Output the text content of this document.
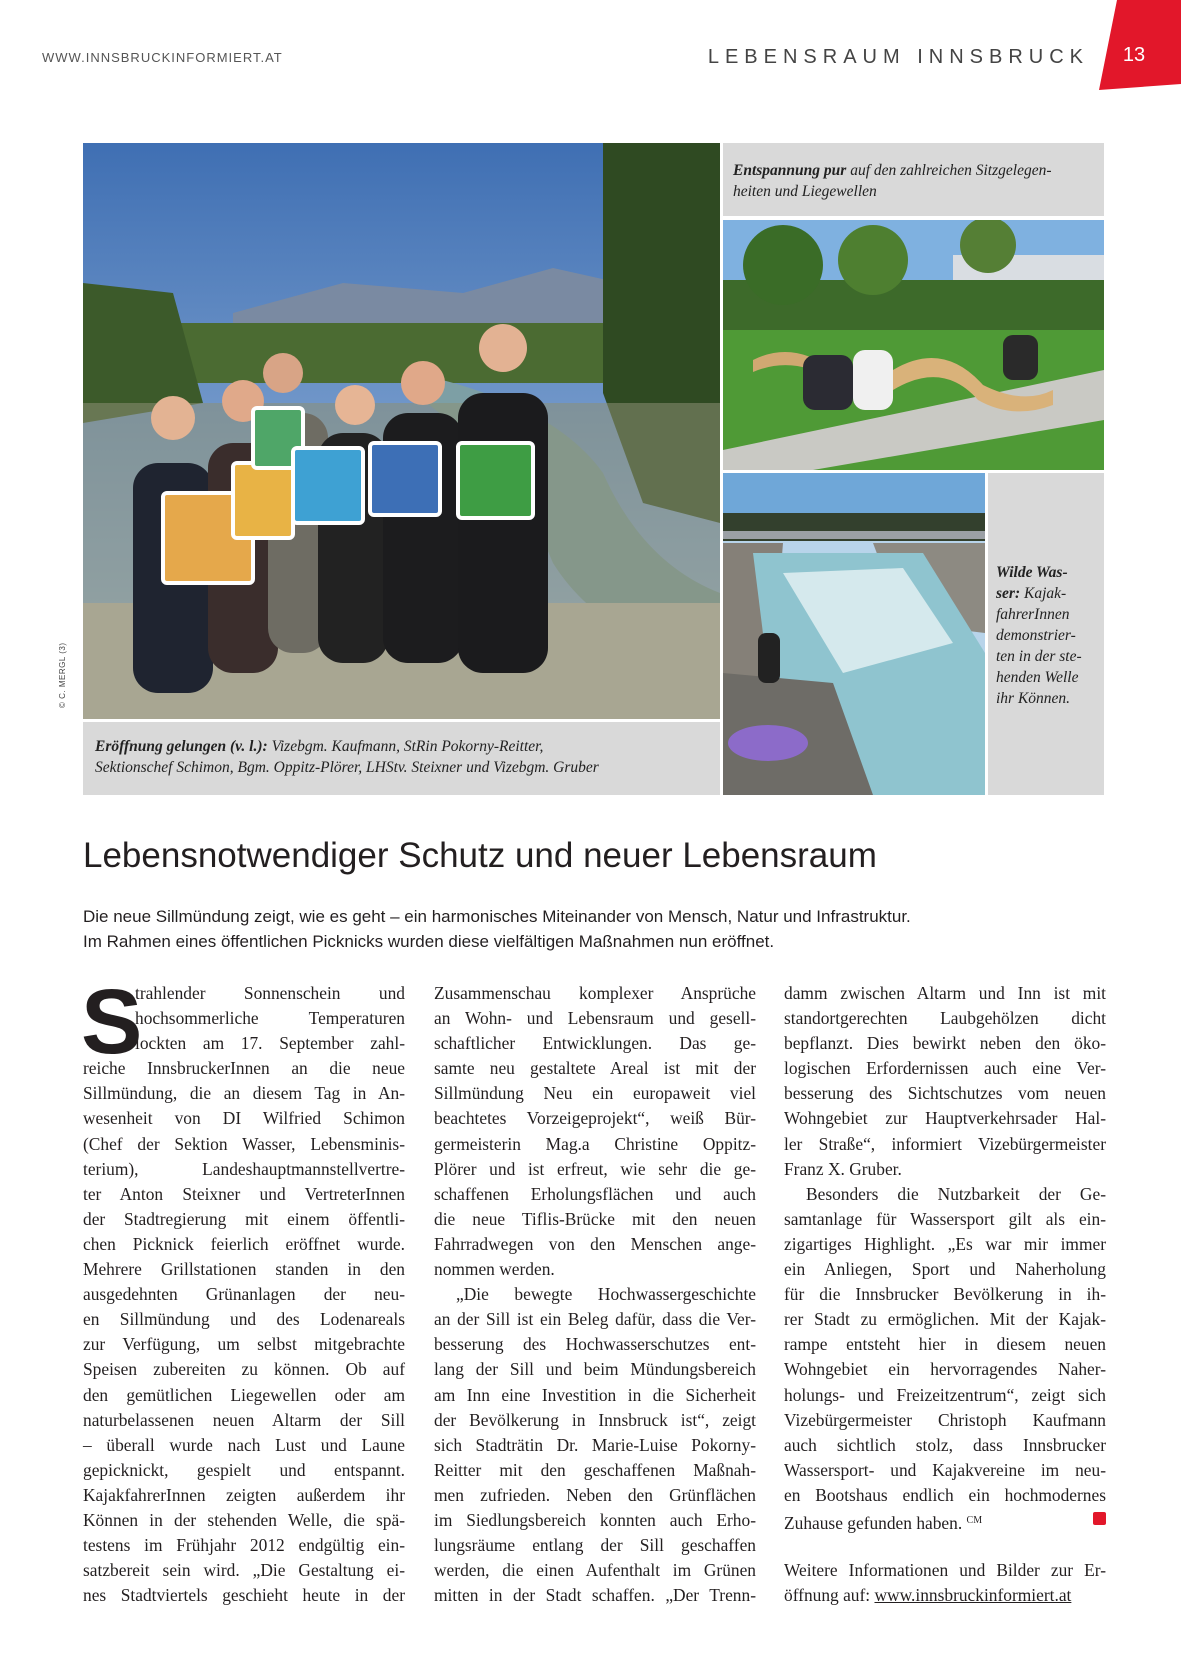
WWW.INNSBRUCKINFORMIERT.AT	LEBENSRAUM INNSBRUCK	13
© C. MERGL (3)
Eröffnung gelungen (v. l.): Vizebgm. Kaufmann, StRin Pokorny-Reitter,
Sektionschef Schimon, Bgm. Oppitz-Plörer, LHStv. Steixner und Vizebgm. Gruber
Entspannung pur auf den zahlreichen Sitzgelegen-
heiten und Liegewellen
Wilde Was-
ser: Kajak-
fahrerInnen
demonstrier-
ten in der ste-
henden Welle
ihr Können.
Lebensnotwendiger Schutz und neuer Lebensraum
Die neue Sillmündung zeigt, wie es geht – ein harmonisches Miteinander von Mensch, Natur und Infrastruktur.
Im Rahmen eines öffentlichen Picknicks wurden diese vielfältigen Maßnahmen nun eröffnet.
S
trahlender Sonnenschein und
hochsommerliche Temperaturen
lockten am 17. September zahl-
reiche InnsbruckerInnen an die neue
Sillmündung, die an diesem Tag in An-
wesenheit von DI Wilfried Schimon
(Chef der Sektion Wasser, Lebensminis-
terium), Landeshauptmannstellvertre-
ter Anton Steixner und VertreterInnen
der Stadtregierung mit einem öffentli-
chen Picknick feierlich eröffnet wurde.
Mehrere Grillstationen standen in den
ausgedehnten Grünanlagen der neu-
en Sillmündung und des Lodenareals
zur Verfügung, um selbst mitgebrachte
Speisen zubereiten zu können. Ob auf
den gemütlichen Liegewellen oder am
naturbelassenen neuen Altarm der Sill
– überall wurde nach Lust und Laune
gepicknickt, gespielt und entspannt.
KajakfahrerInnen zeigten außerdem ihr
Können in der stehenden Welle, die spä-
testens im Frühjahr 2012 endgültig ein-
satzbereit sein wird. „Die Gestaltung ei-
nes Stadtviertels geschieht heute in der
Zusammenschau komplexer Ansprüche
an Wohn- und Lebensraum und gesell-
schaftlicher Entwicklungen. Das ge-
samte neu gestaltete Areal ist mit der
Sillmündung Neu ein europaweit viel
beachtetes Vorzeigeprojekt“, weiß Bür-
germeisterin Mag.a Christine Oppitz-
Plörer und ist erfreut, wie sehr die ge-
schaffenen Erholungsflächen und auch
die neue Tiflis-Brücke mit den neuen
Fahrradwegen von den Menschen ange-
nommen werden.
„Die bewegte Hochwassergeschichte
an der Sill ist ein Beleg dafür, dass die Ver-
besserung des Hochwasserschutzes ent-
lang der Sill und beim Mündungsbereich
am Inn eine Investition in die Sicherheit
der Bevölkerung in Innsbruck ist“, zeigt
sich Stadträtin Dr. Marie-Luise Pokorny-
Reitter mit den geschaffenen Maßnah-
men zufrieden. Neben den Grünflächen
im Siedlungsbereich konnten auch Erho-
lungsräume entlang der Sill geschaffen
werden, die einen Aufenthalt im Grünen
mitten in der Stadt schaffen. „Der Trenn-
damm zwischen Altarm und Inn ist mit
standortgerechten Laubgehölzen dicht
bepflanzt. Dies bewirkt neben den öko-
logischen Erfordernissen auch eine Ver-
besserung des Sichtschutzes vom neuen
Wohngebiet zur Hauptverkehrsader Hal-
ler Straße“, informiert Vizebürgermeister
Franz X. Gruber.
Besonders die Nutzbarkeit der Ge-
samtanlage für Wassersport gilt als ein-
zigartiges Highlight. „Es war mir immer
ein Anliegen, Sport und Naherholung
für die Innsbrucker Bevölkerung in ih-
rer Stadt zu ermöglichen. Mit der Kajak-
rampe entsteht hier in diesem neuen
Wohngebiet ein hervorragendes Naher-
holungs- und Freizeitzentrum“, zeigt sich
Vizebürgermeister Christoph Kaufmann
auch sichtlich stolz, dass Innsbrucker
Wassersport- und Kajakvereine im neu-
en Bootshaus endlich ein hochmodernes
Zuhause gefunden haben. $^{CM}$
Weitere Informationen und Bilder zur Er-
öffnung auf: www.innsbruckinformiert.at
